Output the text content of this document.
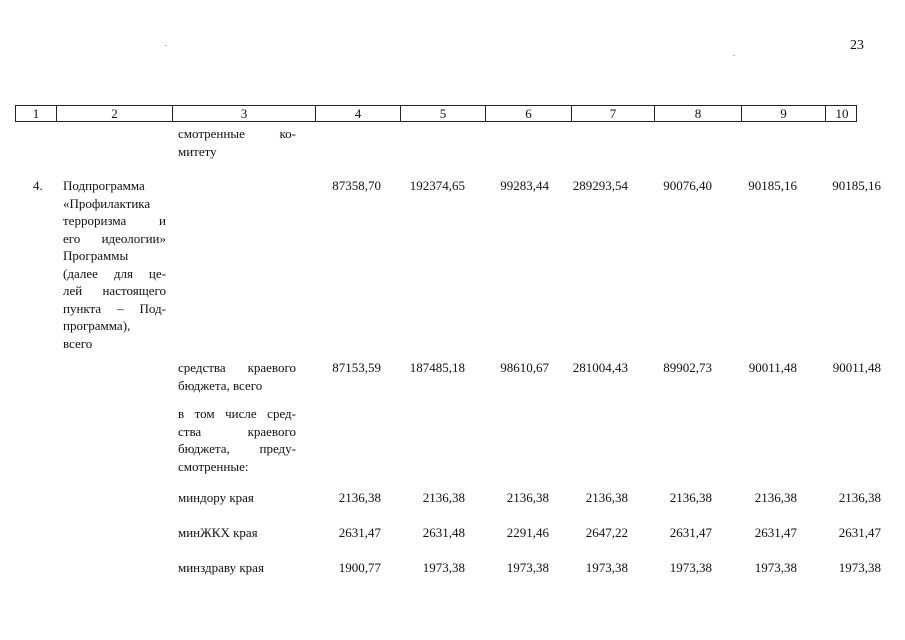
23
1	2	3	4	5	6	7	8	9	10
смотренные ко-
митету
4. Подпрограмма
«Профилактика
терроризма и
его идеологии»
Программы
(далее для це-
лей настоящего
пункта – Под-
программа),
всего
87358,70	192374,65	99283,44	289293,54	90076,40	90185,16	90185,16
средства краевого
бюджета, всего
87153,59	187485,18	98610,67	281004,43	89902,73	90011,48	90011,48
в том числе сред-
ства краевого
бюджета, преду-
смотренные:
миндору края	2136,38	2136,38	2136,38	2136,38	2136,38	2136,38	2136,38
минЖКХ края	2631,47	2631,48	2291,46	2647,22	2631,47	2631,47	2631,47
минздраву края	1900,77	1973,38	1973,38	1973,38	1973,38	1973,38	1973,38
